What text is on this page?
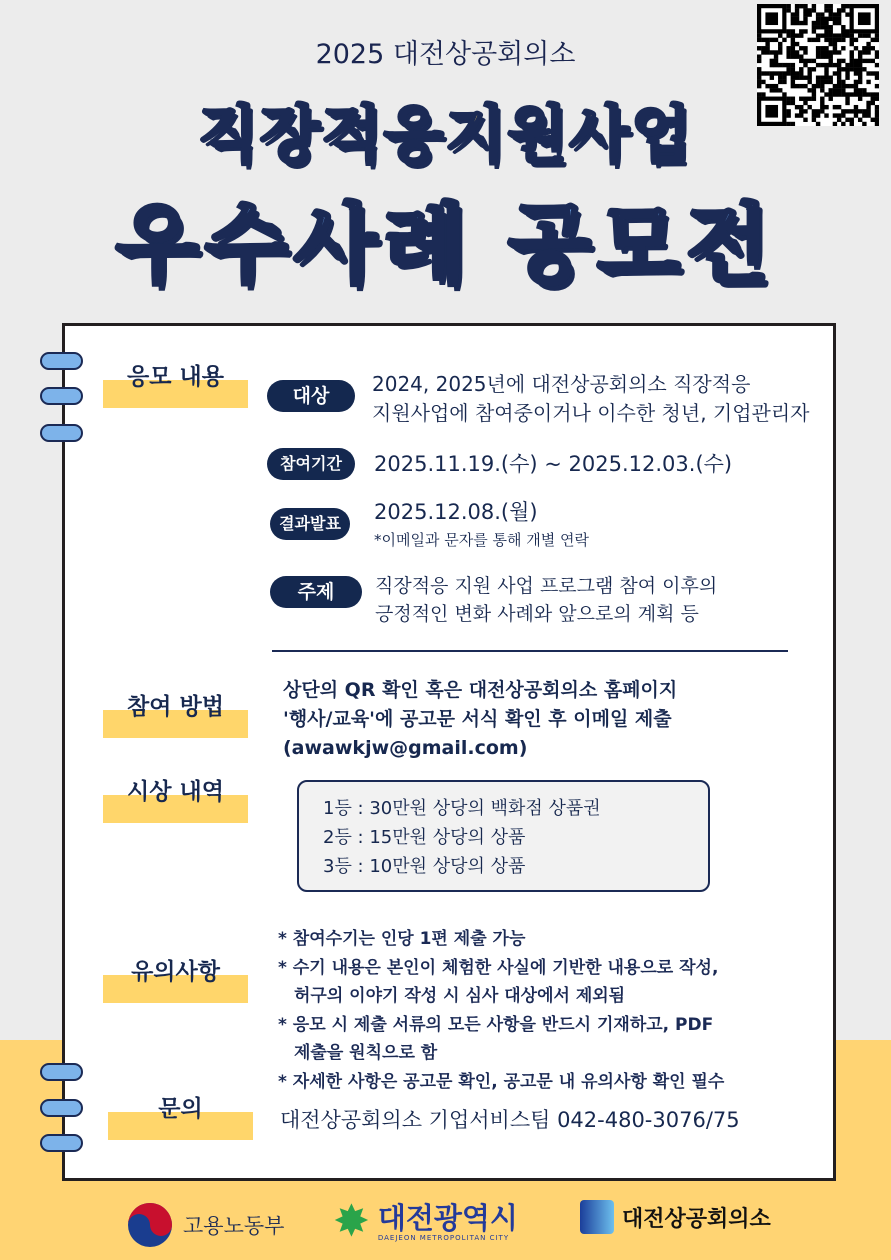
2025 대전상공회의소
직장적응지원사업
우수사례 공모전
응모 내용
대상	2024, 2025년에 대전상공회의소 직장적응
지원사업에 참여중이거나 이수한 청년, 기업관리자
참여기간	2025.11.19.(수) ~ 2025.12.03.(수)
결과발표	2025.12.08.(월)
*이메일과 문자를 통해 개별 연락
주제	직장적응 지원 사업 프로그램 참여 이후의
긍정적인 변화 사례와 앞으로의 계획 등
참여 방법
상단의 QR 확인 혹은 대전상공회의소 홈페이지
'행사/교육'에 공고문 서식 확인 후 이메일 제출
(awawkjw@gmail.com)
시상 내역
1등 : 30만원 상당의 백화점 상품권
2등 : 15만원 상당의 상품
3등 : 10만원 상당의 상품
유의사항
* 참여수기는 인당 1편 제출 가능
* 수기 내용은 본인이 체험한 사실에 기반한 내용으로 작성,
허구의 이야기 작성 시 심사 대상에서 제외됨
* 응모 시 제출 서류의 모든 사항을 반드시 기재하고, PDF
제출을 원칙으로 함
* 자세한 사항은 공고문 확인, 공고문 내 유의사항 확인 필수
문의	대전상공회의소 기업서비스팀 042-480-3076/75
고용노동부 ✸ 대전광역시
DAEJEON METROPOLITAN CITY
대전상공회의소
